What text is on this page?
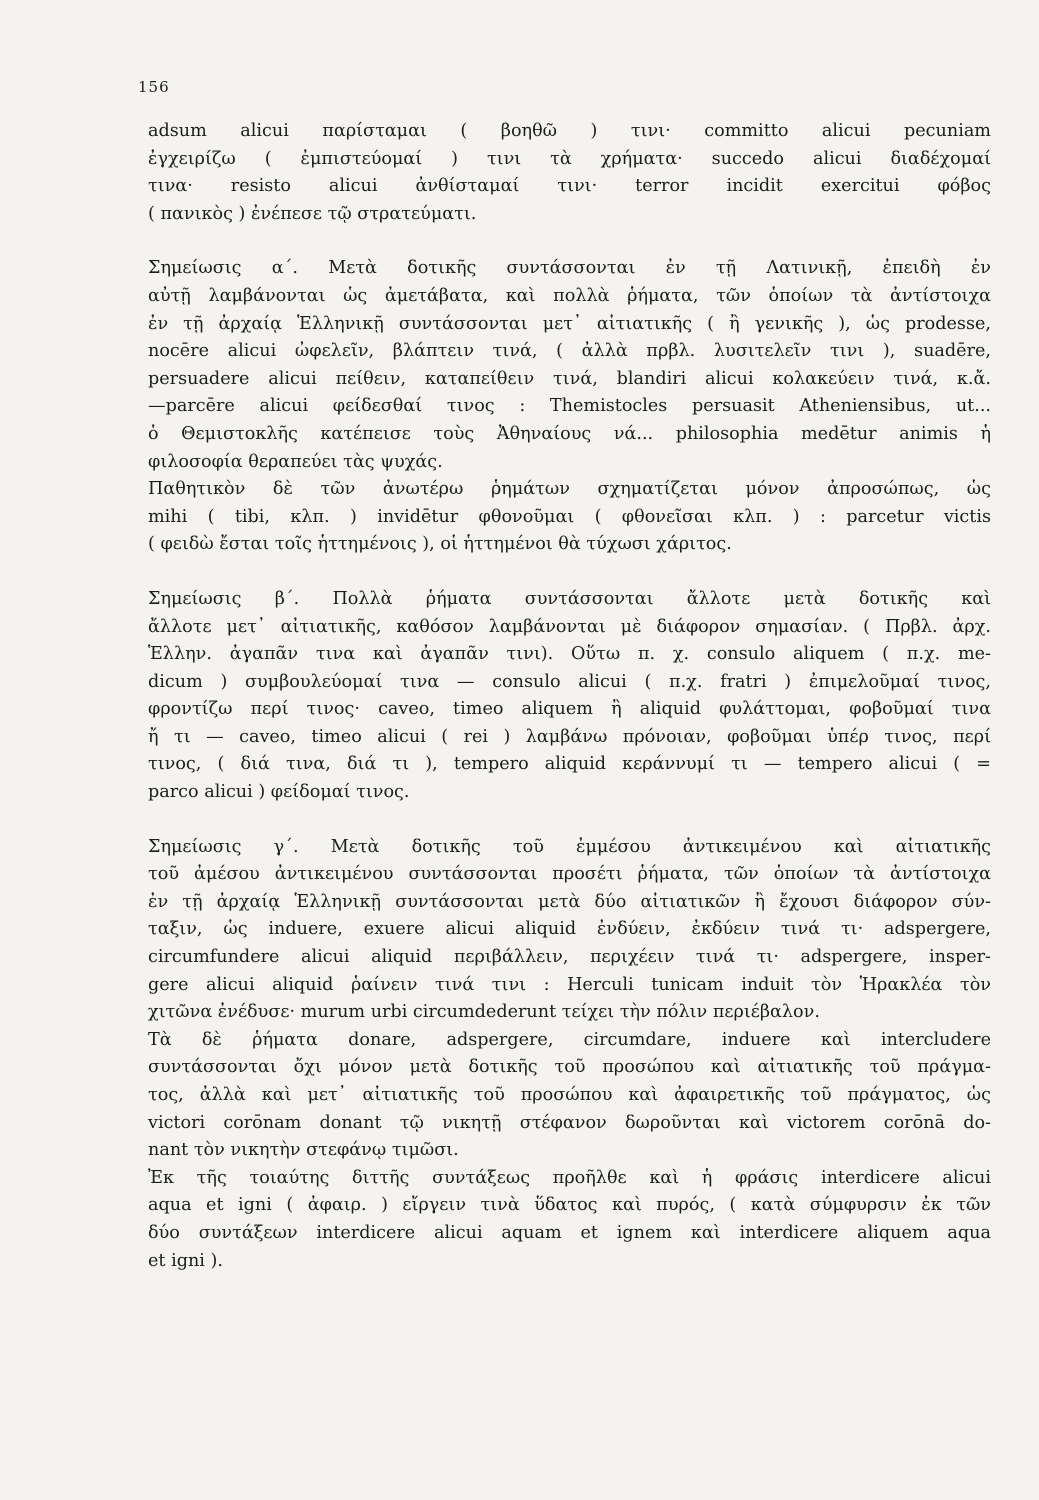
156
adsum alicui παρίσταμαι ( βοηθῶ ) τινι· committo alicui pecuniam
ἐγχειρίζω ( ἐμπιστεύομαί ) τινι τὰ χρήματα· succedo alicui διαδέχομαί
τινα· resisto alicui ἀνθίσταμαί τινι· terror incidit exercitui φόβος
( πανικὸς ) ἐνέπεσε τῷ στρατεύματι.
Σημείωσις α΄. Μετὰ δοτικῆς συντάσσονται ἐν τῇ Λατινικῇ, ἐπειδὴ ἐν
αὐτῇ λαμβάνονται ὡς ἀμετάβατα, καὶ πολλὰ ῥήματα, τῶν ὁποίων τὰ ἀντίστοιχα
ἐν τῇ ἀρχαίᾳ Ἑλληνικῇ συντάσσονται μετ᾽ αἰτιατικῆς ( ἢ γενικῆς ), ὡς prodesse,
nocēre alicui ὠφελεῖν, βλάπτειν τινά, ( ἀλλὰ πρβλ. λυσιτελεῖν τινι ), suadēre,
persuadere alicui πείθειν, καταπείθειν τινά, blandiri alicui κολακεύειν τινά, κ.ἄ.
—parcēre alicui φείδεσθαί τινος : Themistocles persuasit Atheniensibus, ut...
ὁ Θεμιστοκλῆς κατέπεισε τοὺς Ἀθηναίους νά... philosophia medētur animis ἡ
φιλοσοφία θεραπεύει τὰς ψυχάς.
Παθητικὸν δὲ τῶν ἀνωτέρω ῥημάτων σχηματίζεται μόνον ἀπροσώπως, ὡς
mihi ( tibi, κλπ. ) invidētur φθονοῦμαι ( φθονεῖσαι κλπ. ) : parcetur victis
( φειδὼ ἔσται τοῖς ἡττημένοις ), οἱ ἡττημένοι θὰ τύχωσι χάριτος.
Σημείωσις β΄. Πολλὰ ῥήματα συντάσσονται ἄλλοτε μετὰ δοτικῆς καὶ
ἄλλοτε μετ᾽ αἰτιατικῆς, καθόσον λαμβάνονται μὲ διάφορον σημασίαν. ( Πρβλ. ἀρχ.
Ἑλλην. ἀγαπᾶν τινα καὶ ἀγαπᾶν τινι). Οὕτω π. χ. consulo aliquem ( π.χ. me-
dicum ) συμβουλεύομαί τινα — consulo alicui ( π.χ. fratri ) ἐπιμελοῦμαί τινος,
φροντίζω περί τινος· caveo, timeo aliquem ἢ aliquid φυλάττομαι, φοβοῦμαί τινα
ἤ τι — caveo, timeo alicui ( rei ) λαμβάνω πρόνοιαν, φοβοῦμαι ὑπέρ τινος, περί
τινος, ( διά τινα, διά τι ), tempero aliquid κεράννυμί τι — tempero alicui ( =
parco alicui ) φείδομαί τινος.
Σημείωσις γ΄. Μετὰ δοτικῆς τοῦ ἐμμέσου ἀντικειμένου καὶ αἰτιατικῆς
τοῦ ἀμέσου ἀντικειμένου συντάσσονται προσέτι ῥήματα, τῶν ὁποίων τὰ ἀντίστοιχα
ἐν τῇ ἀρχαίᾳ Ἑλληνικῇ συντάσσονται μετὰ δύο αἰτιατικῶν ἢ ἔχουσι διάφορον σύν-
ταξιν, ὡς induere, exuere alicui aliquid ἐνδύειν, ἐκδύειν τινά τι· adspergere,
circumfundere alicui aliquid περιβάλλειν, περιχέειν τινά τι· adspergere, insper-
gere alicui aliquid ῥαίνειν τινά τινι : Herculi tunicam induit τὸν Ἡρακλέα τὸν
χιτῶνα ἐνέδυσε· murum urbi circumdederunt τείχει τὴν πόλιν περιέβαλον.
Τὰ δὲ ῥήματα donare, adspergere, circumdare, induere καὶ intercludere
συντάσσονται ὄχι μόνον μετὰ δοτικῆς τοῦ προσώπου καὶ αἰτιατικῆς τοῦ πράγμα-
τος, ἀλλὰ καὶ μετ᾽ αἰτιατικῆς τοῦ προσώπου καὶ ἀφαιρετικῆς τοῦ πράγματος, ὡς
victori corōnam donant τῷ νικητῇ στέφανον δωροῦνται καὶ victorem corōnā do-
nant τὸν νικητὴν στεφάνῳ τιμῶσι.
Ἐκ τῆς τοιαύτης διττῆς συντάξεως προῆλθε καὶ ἡ φράσις interdicere alicui
aqua et igni ( ἀφαιρ. ) εἴργειν τινὰ ὕδατος καὶ πυρός, ( κατὰ σύμφυρσιν ἐκ τῶν
δύο συντάξεων interdicere alicui aquam et ignem καὶ interdicere aliquem aqua
et igni ).
